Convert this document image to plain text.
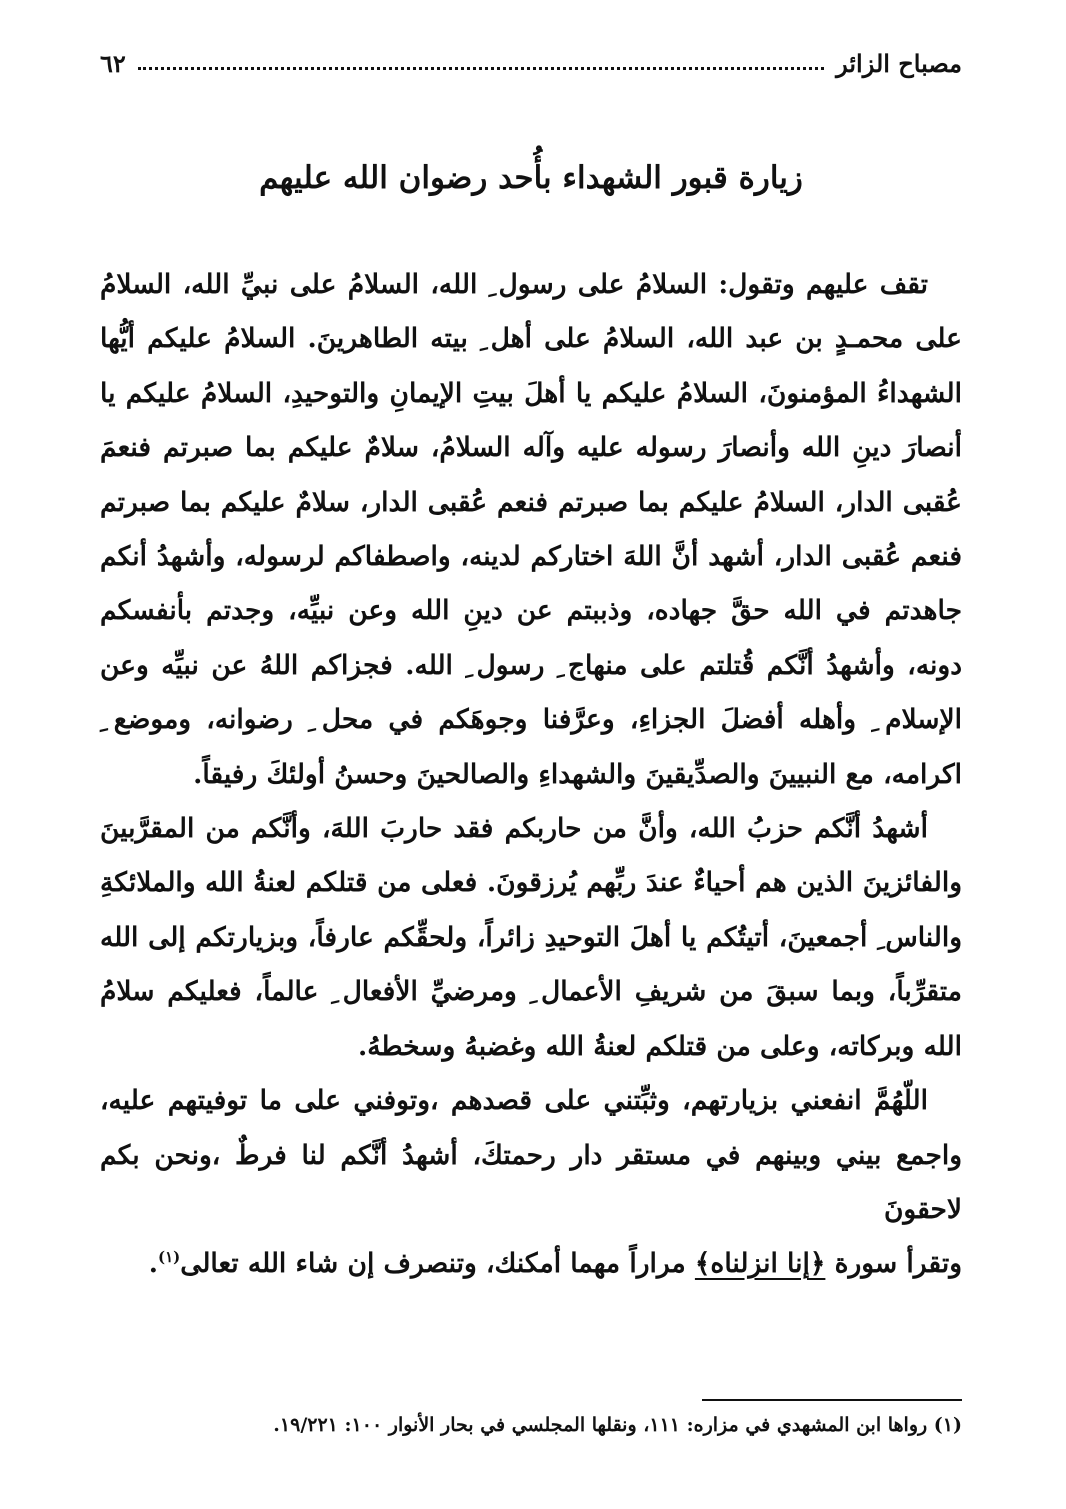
مصباح الزائر
٦٢
زيارة قبور الشهداء بأُحد رضوان الله عليهم

تقف عليهم وتقول: السلامُ على رسول ِ الله، السلامُ على نبيِّ الله، السلامُ على محمـدٍ بن عبد الله، السلامُ على أهل ِ بيته الطاهرينَ. السلامُ عليكم أيُّها الشهداءُ المؤمنونَ، السلامُ عليكم يا أهلَ بيتِ الإيمانِ والتوحيدِ، السلامُ عليكم يا أنصارَ دينِ الله وأنصارَ رسوله عليه وآله السلامُ، سلامٌ عليكم بما صبرتم فنعمَ عُقبى الدار، السلامُ عليكم بما صبرتم فنعم عُقبى الدار، سلامٌ عليكم بما صبرتم فنعم عُقبى الدار، أشهد أنَّ اللهَ اختاركم لدينه، واصطفاكم لرسوله، وأشهدُ أنكم جاهدتم في الله حقَّ جهاده، وذببتم عن دينِ الله وعن نبيِّه، وجدتم بأنفسكم دونه، وأشهدُ أنَّكم قُتلتم على منهاج ِ رسول ِ الله. فجزاكم اللهُ عن نبيِّه وعن الإسلام ِ وأهله أفضلَ الجزاءِ، وعرَّفنا وجوهَكم في محل ِ رضوانه، وموضع ِ اكرامه، مع النبيينَ والصدِّيقينَ والشهداءِ والصالحينَ وحسنُ أولئكَ رفيقاً.

أشهدُ أنَّكم حزبُ الله، وأنَّ من حاربكم فقد حاربَ اللهَ، وأنَّكم من المقرَّبينَ والفائزينَ الذين هم أحياءٌ عندَ ربِّهم يُرزقونَ. فعلى من قتلكم لعنةُ الله والملائكةِ والناس ِ أجمعينَ، أتيتُكم يا أهلَ التوحيدِ زائراً، ولحقِّكم عارفاً، وبزيارتكم إلى الله متقرِّباً، وبما سبقَ من شريفِ الأعمال ِ ومرضيِّ الأفعال ِ عالماً، فعليكم سلامُ الله وبركاته، وعلى من قتلكم لعنةُ الله وغضبهُ وسخطهُ.

اللّهُمَّ انفعني بزيارتهم، وثبِّتني على قصدهم ،وتوفني على ما توفيتهم عليه، واجمع بيني وبينهم في مستقر دار رحمتكَ، أشهدُ أنَّكم لنا فرطٌ ،ونحن بكم لاحقونَ
وتقرأ سورة ﴿إنا انزلناه﴾ مراراً مهما أمكنك، وتنصرف إن شاء الله تعالى$^{(١)}$.

(١) رواها ابن المشهدي في مزاره: ١١١، ونقلها المجلسي في بحار الأنوار ١٠٠: ١٩/٢٢١.
